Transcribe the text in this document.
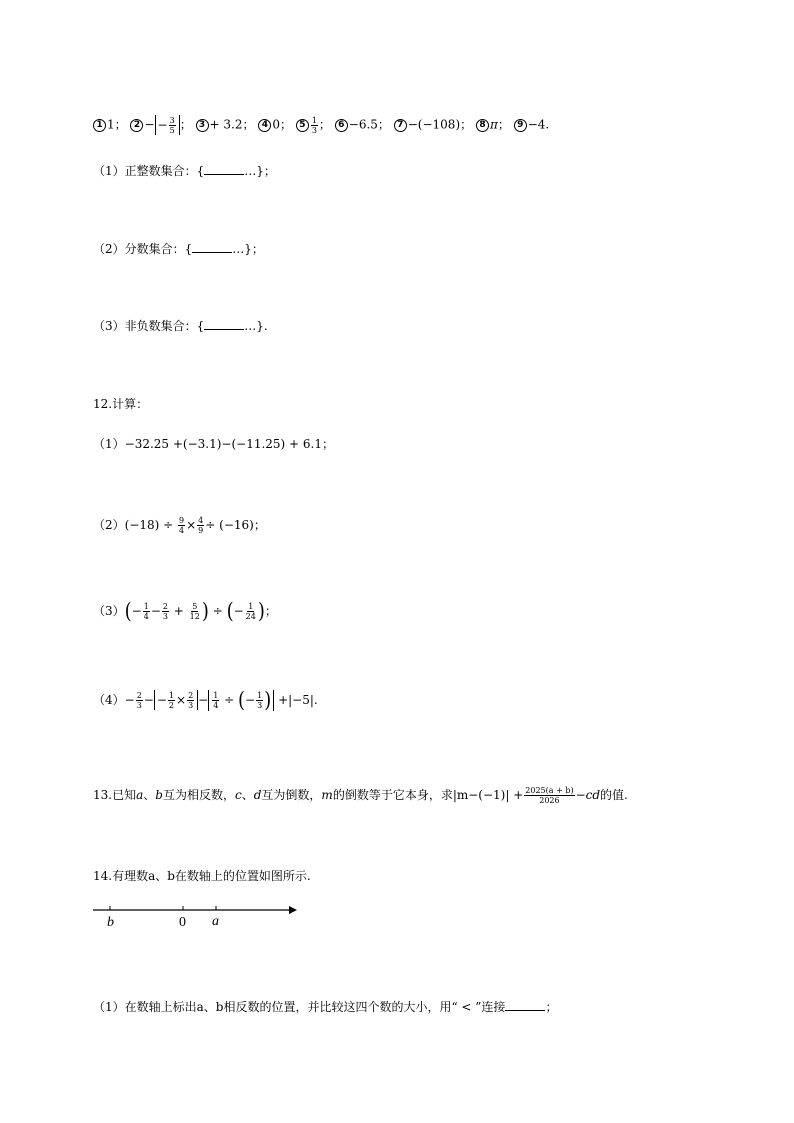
1 1； 2 − − $\frac{3}{5}$ ； 3 + 3.2； 4 0； $5 \frac{1}{3}$ ； 6 −6.5； 7 −(−108)； 8 π； 9 −4.
（1）正整数集合：{	…}；
（2）分数集合：{	…}；
（3）非负数集合：{	…}.
12.计算：
（1）−32.25 +(−3.1)−(−11.25) + 6.1；
$(2)(-18) \div \frac{9}{4} \times \frac{4}{9} \div (-16)$；
$(3)(- \frac{1}{4} - \frac{2}{3} + \frac{5}{12}$ ) ÷ (− $\frac{1}{24}$ )；
$(4)- \frac{2}{3}$ − − $\frac{1}{2} \times \frac{2}{3} - \frac{1}{4}$ ÷ (− $\frac{1}{3}$ ) +|−5|.
13.已知a、b互为相反数，c、d互为倒数，m的倒数等于它本身，求$|m-(-1)| + \frac{2025(a + b)}{2026} -cd$的值.
14.有理数a、b在数轴上的位置如图所示.
b	0 a
（1）在数轴上标出a、b相反数的位置，并比较这四个数的大小，用“ < ”连接	；
